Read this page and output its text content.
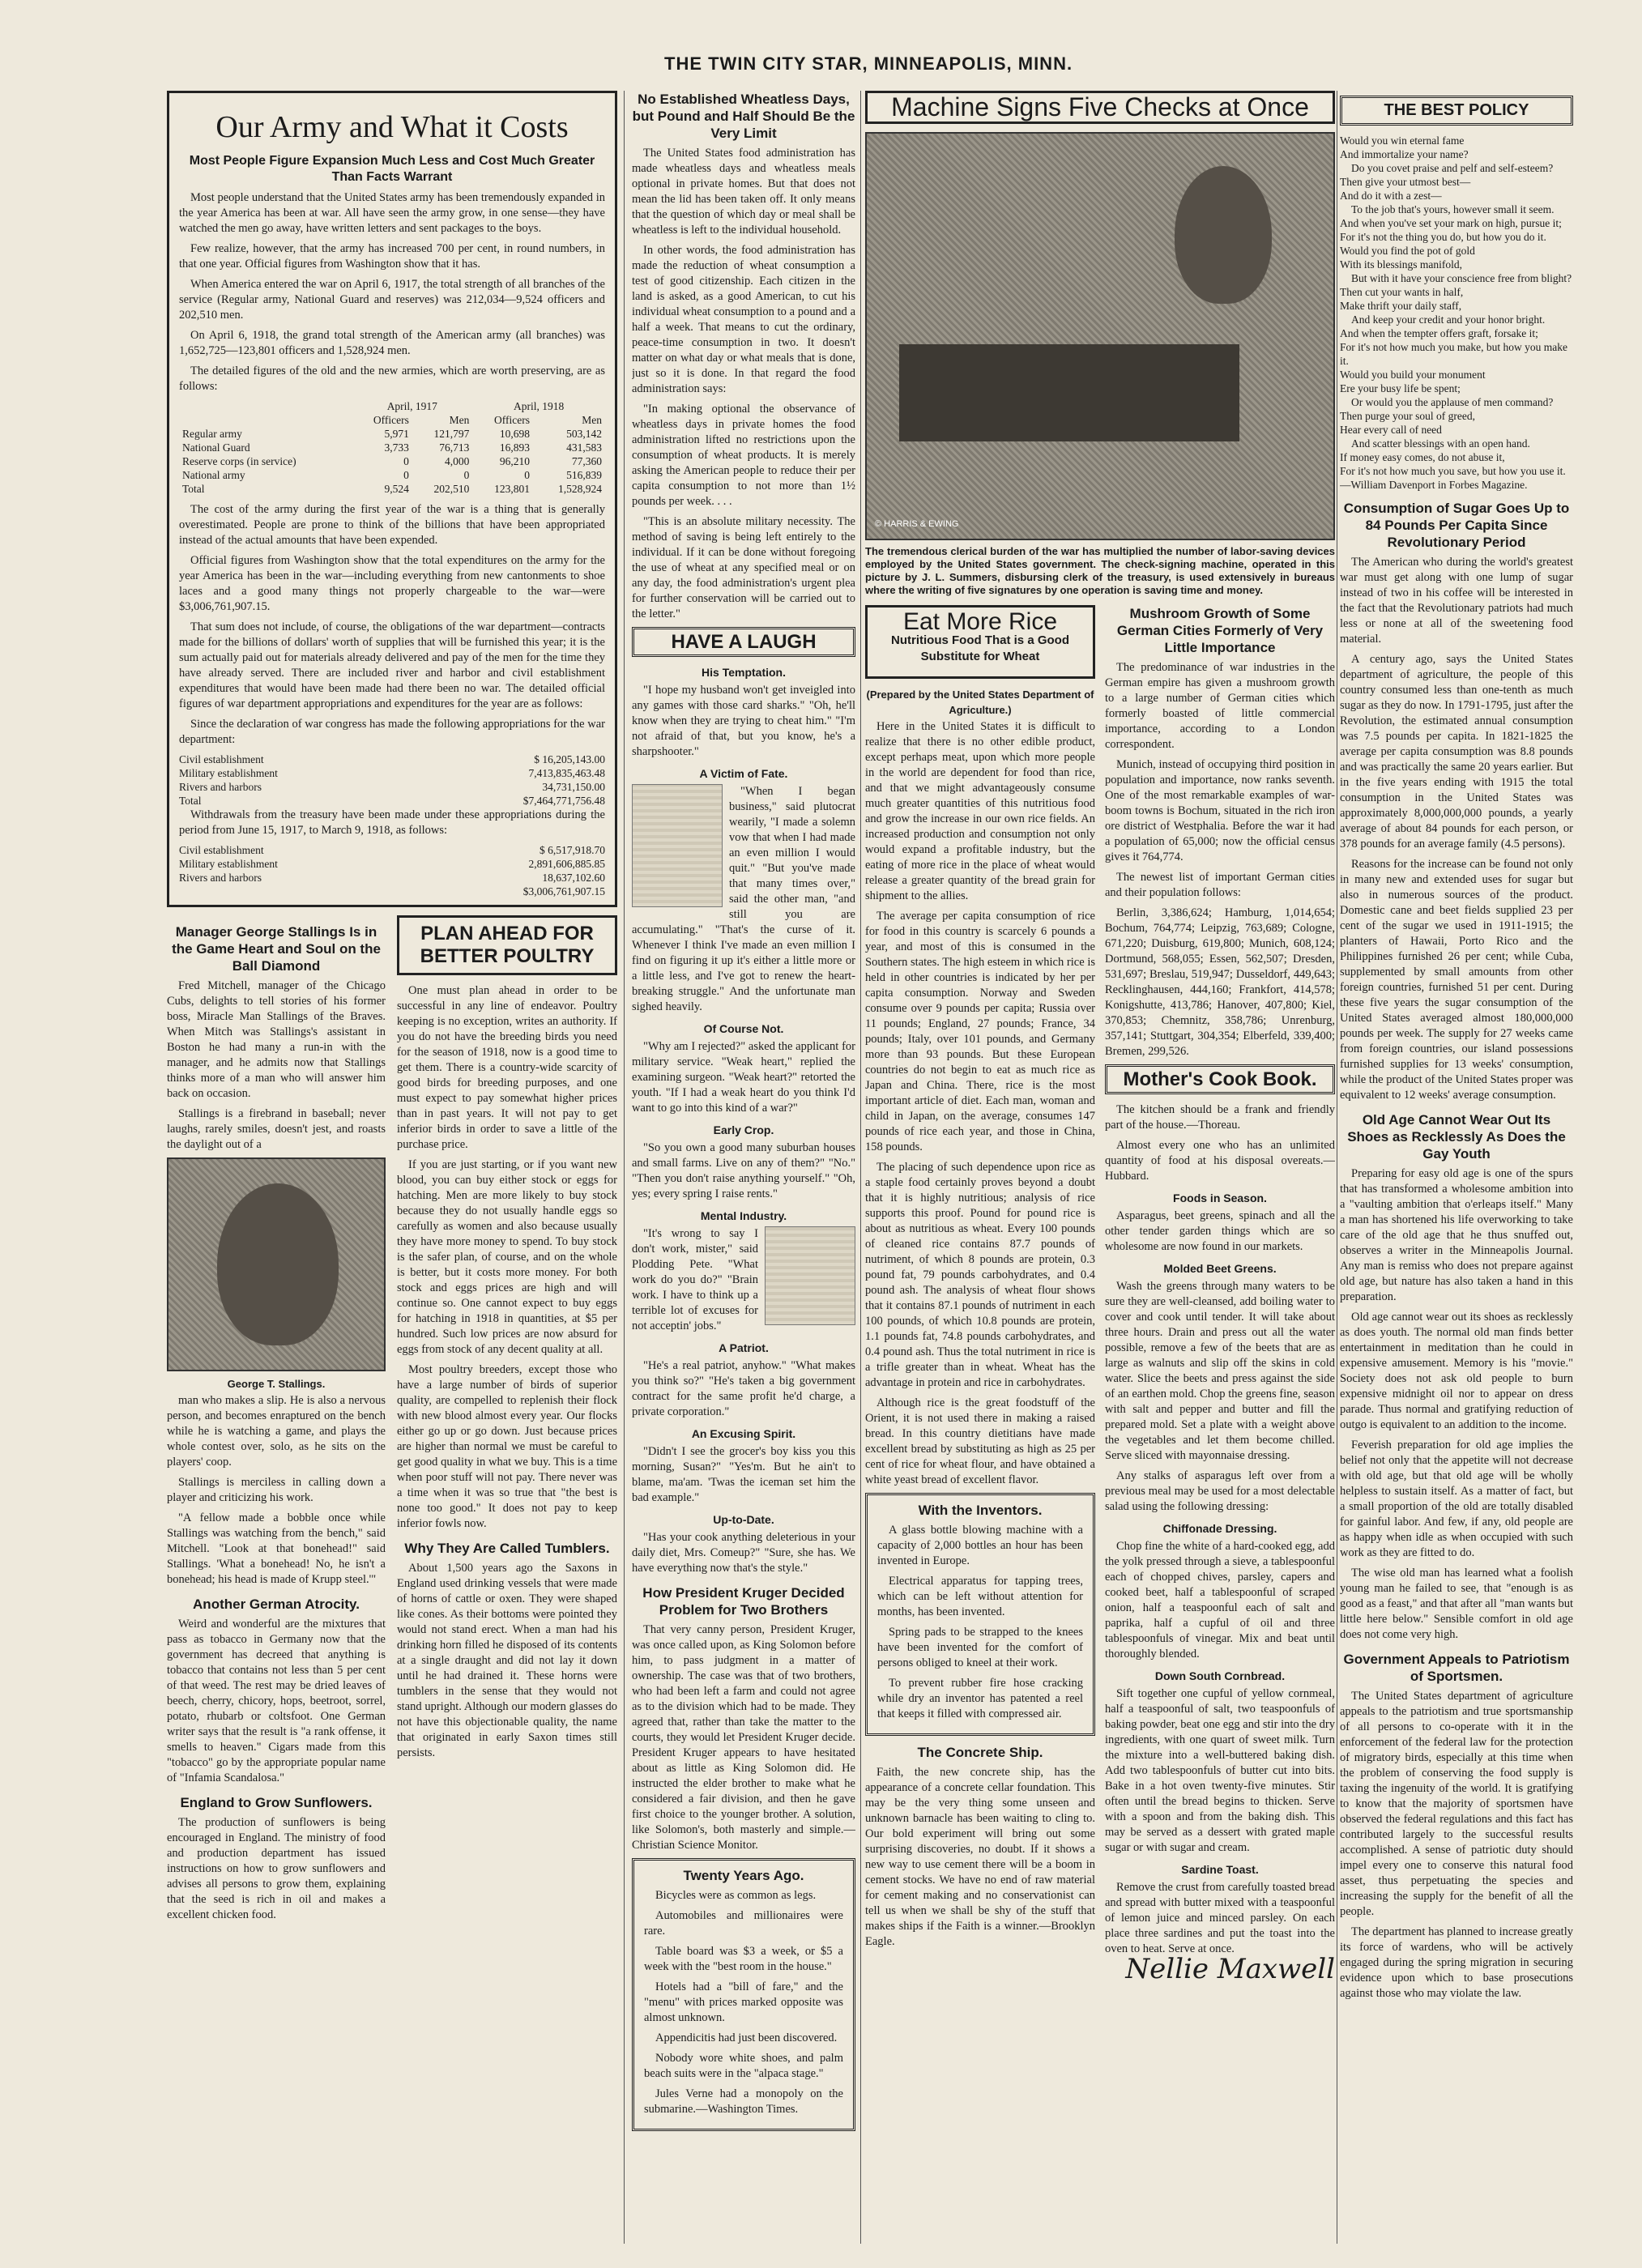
THE TWIN CITY STAR, MINNEAPOLIS, MINN.
Our Army and What it Costs
Most People Figure Expansion Much Less and Cost Much Greater Than Facts Warrant

Most people understand that the United States army has been tremendously expanded in the year America has been at war. All have seen the army grow, in one sense—they have watched the men go away, have written letters and sent packages to the boys.

Few realize, however, that the army has increased 700 per cent, in round numbers, in that one year. Official figures from Washington show that it has.

When America entered the war on April 6, 1917, the total strength of all branches of the service (Regular army, National Guard and reserves) was 212,034—9,524 officers and 202,510 men.

On April 6, 1918, the grand total strength of the American army (all branches) was 1,652,725—123,801 officers and 1,528,924 men.

The detailed figures of the old and the new armies, which are worth preserving, are as follows:

	April, 1917		April, 1918	
	Officers	Men	Officers	Men
Regular army	5,971	121,797	10,698	503,142
National Guard	3,733	76,713	16,893	431,583
Reserve corps (in service)	0	4,000	96,210	77,360
National army	0	0	0	516,839
Total	9,524	202,510	123,801	1,528,924

The cost of the army during the first year of the war is a thing that is generally overestimated. People are prone to think of the billions that have been appropriated instead of the actual amounts that have been expended.

Official figures from Washington show that the total expenditures on the army for the year America has been in the war—including everything from new cantonments to shoe laces and a good many things not properly chargeable to the war—were $3,006,761,907.15.

That sum does not include, of course, the obligations of the war department—contracts made for the billions of dollars' worth of supplies that will be furnished this year; it is the sum actually paid out for materials already delivered and pay of the men for the time they have already served. There are included river and harbor and civil establishment expenditures that would have been made had there been no war. The detailed official figures of war department appropriations and expenditures for the year are as follows:

Since the declaration of war congress has made the following appropriations for the war department:

Civil establishment	$ 16,205,143.00
Military establishment	7,413,835,463.48
Rivers and harbors	34,731,150.00
Total	$7,464,771,756.48

Withdrawals from the treasury have been made under these appropriations during the period from June 15, 1917, to March 9, 1918, as follows:

Civil establishment	$ 6,517,918.70
Military establishment	2,891,606,885.85
Rivers and harbors	18,637,102.60
$3,006,761,907.15
Manager George Stallings Is in the Game Heart and Soul on the Ball Diamond

Fred Mitchell, manager of the Chicago Cubs, delights to tell stories of his former boss, Miracle Man Stallings of the Braves. When Mitch was Stallings's assistant in Boston he had many a run-in with the manager, and he admits now that Stallings thinks more of a man who will answer him back on occasion.

Stallings is a firebrand in baseball; never laughs, rarely smiles, doesn't jest, and roasts the daylight out of a

George T. Stallings.

man who makes a slip. He is also a nervous person, and becomes enraptured on the bench while he is watching a game, and plays the whole contest over, solo, as he sits on the players' coop.

Stallings is merciless in calling down a player and criticizing his work.

"A fellow made a bobble once while Stallings was watching from the bench," said Mitchell. "Look at that bonehead!" said Stallings. 'What a bonehead! No, he isn't a bonehead; his head is made of Krupp steel.'"

Another German Atrocity.

Weird and wonderful are the mixtures that pass as tobacco in Germany now that the government has decreed that anything is tobacco that contains not less than 5 per cent of that weed. The rest may be dried leaves of beech, cherry, chicory, hops, beetroot, sorrel, potato, rhubarb or coltsfoot. One German writer says that the result is "a rank offense, it smells to heaven." Cigars made from this "tobacco" go by the appropriate popular name of "Infamia Scandalosa."

England to Grow Sunflowers.

The production of sunflowers is being encouraged in England. The ministry of food and production department has issued instructions on how to grow sunflowers and advises all persons to grow them, explaining that the seed is rich in oil and makes a excellent chicken food.

PLAN AHEAD FOR BETTER POULTRY

One must plan ahead in order to be successful in any line of endeavor. Poultry keeping is no exception, writes an authority. If you do not have the breeding birds you need for the season of 1918, now is a good time to get them. There is a country-wide scarcity of good birds for breeding purposes, and one must expect to pay somewhat higher prices than in past years. It will not pay to get inferior birds in order to save a little of the purchase price.

If you are just starting, or if you want new blood, you can buy either stock or eggs for hatching. Men are more likely to buy stock because they do not usually handle eggs so carefully as women and also because usually they have more money to spend. To buy stock is the safer plan, of course, and on the whole is better, but it costs more money. For both stock and eggs prices are high and will continue so. One cannot expect to buy eggs for hatching in 1918 in quantities, at $5 per hundred. Such low prices are now absurd for eggs from stock of any decent quality at all.

Most poultry breeders, except those who have a large number of birds of superior quality, are compelled to replenish their flock with new blood almost every year. Our flocks either go up or go down. Just because prices are higher than normal we must be careful to get good quality in what we buy. This is a time when poor stuff will not pay. There never was a time when it was so true that "the best is none too good." It does not pay to keep inferior fowls now.

Why They Are Called Tumblers.

About 1,500 years ago the Saxons in England used drinking vessels that were made of horns of cattle or oxen. They were shaped like cones. As their bottoms were pointed they would not stand erect. When a man had his drinking horn filled he disposed of its contents at a single draught and did not lay it down until he had drained it. These horns were tumblers in the sense that they would not stand upright. Although our modern glasses do not have this objectionable quality, the name that originated in early Saxon times still persists.

No Established Wheatless Days, but Pound and Half Should Be the Very Limit

The United States food administration has made wheatless days and wheatless meals optional in private homes. But that does not mean the lid has been taken off. It only means that the question of which day or meal shall be wheatless is left to the individual household.

In other words, the food administration has made the reduction of wheat consumption a test of good citizenship. Each citizen in the land is asked, as a good American, to cut his individual wheat consumption to a pound and a half a week. That means to cut the ordinary, peace-time consumption in two. It doesn't matter on what day or what meals that is done, just so it is done. In that regard the food administration says:

"In making optional the observance of wheatless days in private homes the food administration lifted no restrictions upon the consumption of wheat products. It is merely asking the American people to reduce their per capita consumption to not more than 1½ pounds per week. . . .

"This is an absolute military necessity. The method of saving is being left entirely to the individual. If it can be done without foregoing the use of wheat at any specified meal or on any day, the food administration's urgent plea for further conservation will be carried out to the letter."

HAVE A LAUGH
His Temptation.

"I hope my husband won't get inveigled into any games with those card sharks." "Oh, he'll know when they are trying to cheat him." "I'm not afraid of that, but you know, he's a sharpshooter."

A Victim of Fate.

"When I began business," said plutocrat wearily, "I made a solemn vow that when I had made an even million I would quit." "But you've made that many times over," said the other man, "and still you are accumulating." "That's the curse of it. Whenever I think I've made an even million I find on figuring it up it's either a little more or a little less, and I've got to renew the heart-breaking struggle." And the unfortunate man sighed heavily.

Of Course Not.

"Why am I rejected?" asked the applicant for military service. "Weak heart," replied the examining surgeon. "Weak heart?" retorted the youth. "If I had a weak heart do you think I'd want to go into this kind of a war?"

Early Crop.

"So you own a good many suburban houses and small farms. Live on any of them?" "No." "Then you don't raise anything yourself." "Oh, yes; every spring I raise rents."

Mental Industry.

"It's wrong to say I don't work, mister," said Plodding Pete. "What work do you do?" "Brain work. I have to think up a terrible lot of excuses for not acceptin' jobs."

A Patriot.

"He's a real patriot, anyhow." "What makes you think so?" "He's taken a big government contract for the same profit he'd charge, a private corporation."

An Excusing Spirit.

"Didn't I see the grocer's boy kiss you this morning, Susan?" "Yes'm. But he ain't to blame, ma'am. 'Twas the iceman set him the bad example."

Up-to-Date.

"Has your cook anything deleterious in your daily diet, Mrs. Comeup?" "Sure, she has. We have everything now that's the style."

How President Kruger Decided Problem for Two Brothers

That very canny person, President Kruger, was once called upon, as King Solomon before him, to pass judgment in a matter of ownership. The case was that of two brothers, who had been left a farm and could not agree as to the division which had to be made. They agreed that, rather than take the matter to the courts, they would let President Kruger decide. President Kruger appears to have hesitated about as little as King Solomon did. He instructed the elder brother to make what he considered a fair division, and then he gave first choice to the younger brother. A solution, like Solomon's, both masterly and simple.—Christian Science Monitor.

Twenty Years Ago.

Bicycles were as common as legs.

Automobiles and millionaires were rare.

Table board was $3 a week, or $5 a week with the "best room in the house."

Hotels had a "bill of fare," and the "menu" with prices marked opposite was almost unknown.

Appendicitis had just been discovered.

Nobody wore white shoes, and palm beach suits were in the "alpaca stage."

Jules Verne had a monopoly on the submarine.—Washington Times.

Machine Signs Five Checks at Once
© HARRIS & EWING
The tremendous clerical burden of the war has multiplied the number of labor-saving devices employed by the United States government. The check-signing machine, operated in this picture by J. L. Summers, disbursing clerk of the treasury, is used extensively in bureaus where the writing of five signatures by one operation is saving time and money.
Eat More Rice
Nutritious Food That is a Good Substitute for Wheat
(Prepared by the United States Department of Agriculture.)

Here in the United States it is difficult to realize that there is no other edible product, except perhaps meat, upon which more people in the world are dependent for food than rice, and that we might advantageously consume much greater quantities of this nutritious food and grow the increase in our own rice fields. An increased production and consumption not only would expand a profitable industry, but the eating of more rice in the place of wheat would release a greater quantity of the bread grain for shipment to the allies.

The average per capita consumption of rice for food in this country is scarcely 6 pounds a year, and most of this is consumed in the Southern states. The high esteem in which rice is held in other countries is indicated by her per capita consumption. Norway and Sweden consume over 9 pounds per capita; Russia over 11 pounds; England, 27 pounds; France, 34 pounds; Italy, over 101 pounds, and Germany more than 93 pounds. But these European countries do not begin to eat as much rice as Japan and China. There, rice is the most important article of diet. Each man, woman and child in Japan, on the average, consumes 147 pounds of rice each year, and those in China, 158 pounds.

The placing of such dependence upon rice as a staple food certainly proves beyond a doubt that it is highly nutritious; analysis of rice supports this proof. Pound for pound rice is about as nutritious as wheat. Every 100 pounds of cleaned rice contains 87.7 pounds of nutriment, of which 8 pounds are protein, 0.3 pound fat, 79 pounds carbohydrates, and 0.4 pound ash. The analysis of wheat flour shows that it contains 87.1 pounds of nutriment in each 100 pounds, of which 10.8 pounds are protein, 1.1 pounds fat, 74.8 pounds carbohydrates, and 0.4 pound ash. Thus the total nutriment in rice is a trifle greater than in wheat. Wheat has the advantage in protein and rice in carbohydrates.

Although rice is the great foodstuff of the Orient, it is not used there in making a raised bread. In this country dietitians have made excellent bread by substituting as high as 25 per cent of rice for wheat flour, and have obtained a white yeast bread of excellent flavor.

With the Inventors.

A glass bottle blowing machine with a capacity of 2,000 bottles an hour has been invented in Europe.

Electrical apparatus for tapping trees, which can be left without attention for months, has been invented.

Spring pads to be strapped to the knees have been invented for the comfort of persons obliged to kneel at their work.

To prevent rubber fire hose cracking while dry an inventor has patented a reel that keeps it filled with compressed air.

The Concrete Ship.

Faith, the new concrete ship, has the appearance of a concrete cellar foundation. This may be the very thing some unseen and unknown barnacle has been waiting to cling to. Our bold experiment will bring out some surprising discoveries, no doubt. If it shows a new way to use cement there will be a boom in cement stocks. We have no end of raw material for cement making and no conservationist can tell us when we shall be shy of the stuff that makes ships if the Faith is a winner.—Brooklyn Eagle.

Mushroom Growth of Some German Cities Formerly of Very Little Importance

The predominance of war industries in the German empire has given a mushroom growth to a large number of German cities which formerly boasted of little commercial importance, according to a London correspondent.

Munich, instead of occupying third position in population and importance, now ranks seventh. One of the most remarkable examples of war-boom towns is Bochum, situated in the rich iron ore district of Westphalia. Before the war it had a population of 65,000; now the official census gives it 764,774.

The newest list of important German cities and their population follows:

Berlin, 3,386,624; Hamburg, 1,014,654; Bochum, 764,774; Leipzig, 763,689; Cologne, 671,220; Duisburg, 619,800; Munich, 608,124; Dortmund, 568,055; Essen, 562,507; Dresden, 531,697; Breslau, 519,947; Dusseldorf, 449,643; Recklinghausen, 444,160; Frankfort, 414,578; Konigshutte, 413,786; Hanover, 407,800; Kiel, 370,853; Chemnitz, 358,786; Unrenburg, 357,141; Stuttgart, 304,354; Elberfeld, 339,400; Bremen, 299,526.

Mother's Cook Book.

The kitchen should be a frank and friendly part of the house.—Thoreau.

Almost every one who has an unlimited quantity of food at his disposal overeats.—Hubbard.

Foods in Season.

Asparagus, beet greens, spinach and all the other tender garden things which are so wholesome are now found in our markets.

Molded Beet Greens.

Wash the greens through many waters to be sure they are well-cleansed, add boiling water to cover and cook until tender. It will take about three hours. Drain and press out all the water possible, remove a few of the beets that are as large as walnuts and slip off the skins in cold water. Slice the beets and press against the side of an earthen mold. Chop the greens fine, season with salt and pepper and butter and fill the prepared mold. Set a plate with a weight above the vegetables and let them become chilled. Serve sliced with mayonnaise dressing.

Any stalks of asparagus left over from a previous meal may be used for a most delectable salad using the following dressing:

Chiffonade Dressing.

Chop fine the white of a hard-cooked egg, add the yolk pressed through a sieve, a tablespoonful each of chopped chives, parsley, capers and cooked beet, half a tablespoonful of scraped onion, half a teaspoonful each of salt and paprika, half a cupful of oil and three tablespoonfuls of vinegar. Mix and beat until thoroughly blended.

Down South Cornbread.

Sift together one cupful of yellow cornmeal, half a teaspoonful of salt, two teaspoonfuls of baking powder, beat one egg and stir into the dry ingredients, with one quart of sweet milk. Turn the mixture into a well-buttered baking dish. Add two tablespoonfuls of butter cut into bits. Bake in a hot oven twenty-five minutes. Stir often until the bread begins to thicken. Serve with a spoon and from the baking dish. This may be served as a dessert with grated maple sugar or with sugar and cream.

Sardine Toast.

Remove the crust from carefully toasted bread and spread with butter mixed with a teaspoonful of lemon juice and minced parsley. On each place three sardines and put the toast into the oven to heat. Serve at once.

Nellie Maxwell
THE BEST POLICY
Would you win eternal fame
And immortalize your name?
Do you covet praise and pelf and self-esteem?
Then give your utmost best—
And do it with a zest—
To the job that's yours, however small it seem.
And when you've set your mark on high, pursue it;
For it's not the thing you do, but how you do it.
Would you find the pot of gold
With its blessings manifold,
But with it have your conscience free from blight?
Then cut your wants in half,
Make thrift your daily staff,
And keep your credit and your honor bright.
And when the tempter offers graft, forsake it;
For it's not how much you make, but how you make it.
Would you build your monument
Ere your busy life be spent;
Or would you the applause of men command?
Then purge your soul of greed,
Hear every call of need
And scatter blessings with an open hand.
If money easy comes, do not abuse it,
For it's not how much you save, but how you use it.
—William Davenport in Forbes Magazine.
Consumption of Sugar Goes Up to 84 Pounds Per Capita Since Revolutionary Period

The American who during the world's greatest war must get along with one lump of sugar instead of two in his coffee will be interested in the fact that the Revolutionary patriots had much less or none at all of the sweetening food material.

A century ago, says the United States department of agriculture, the people of this country consumed less than one-tenth as much sugar as they do now. In 1791-1795, just after the Revolution, the estimated annual consumption was 7.5 pounds per capita. In 1821-1825 the average per capita consumption was 8.8 pounds and was practically the same 20 years earlier. But in the five years ending with 1915 the total consumption in the United States was approximately 8,000,000,000 pounds, a yearly average of about 84 pounds for each person, or 378 pounds for an average family (4.5 persons).

Reasons for the increase can be found not only in many new and extended uses for sugar but also in numerous sources of the product. Domestic cane and beet fields supplied 23 per cent of the sugar we used in 1911-1915; the planters of Hawaii, Porto Rico and the Philippines furnished 26 per cent; while Cuba, supplemented by small amounts from other foreign countries, furnished 51 per cent. During these five years the sugar consumption of the United States averaged almost 180,000,000 pounds per week. The supply for 27 weeks came from foreign countries, our island possessions furnished supplies for 13 weeks' consumption, while the product of the United States proper was equivalent to 12 weeks' average consumption.

Old Age Cannot Wear Out Its Shoes as Recklessly As Does the Gay Youth

Preparing for easy old age is one of the spurs that has transformed a wholesome ambition into a "vaulting ambition that o'erleaps itself." Many a man has shortened his life overworking to take care of the old age that he thus snuffed out, observes a writer in the Minneapolis Journal. Any man is remiss who does not prepare against old age, but nature has also taken a hand in this preparation.

Old age cannot wear out its shoes as recklessly as does youth. The normal old man finds better entertainment in meditation than he could in expensive amusement. Memory is his "movie." Society does not ask old people to burn expensive midnight oil nor to appear on dress parade. Thus normal and gratifying reduction of outgo is equivalent to an addition to the income.

Feverish preparation for old age implies the belief not only that the appetite will not decrease with old age, but that old age will be wholly helpless to sustain itself. As a matter of fact, but a small proportion of the old are totally disabled for gainful labor. And few, if any, old people are as happy when idle as when occupied with such work as they are fitted to do.

The wise old man has learned what a foolish young man he failed to see, that "enough is as good as a feast," and that after all "man wants but little here below." Sensible comfort in old age does not come very high.

Government Appeals to Patriotism of Sportsmen.

The United States department of agriculture appeals to the patriotism and true sportsmanship of all persons to co-operate with it in the enforcement of the federal law for the protection of migratory birds, especially at this time when the problem of conserving the food supply is taxing the ingenuity of the world. It is gratifying to know that the majority of sportsmen have observed the federal regulations and this fact has contributed largely to the successful results accomplished. A sense of patriotic duty should impel every one to conserve this natural food asset, thus perpetuating the species and increasing the supply for the benefit of all the people.

The department has planned to increase greatly its force of wardens, who will be actively engaged during the spring migration in securing evidence upon which to base prosecutions against those who may violate the law.
